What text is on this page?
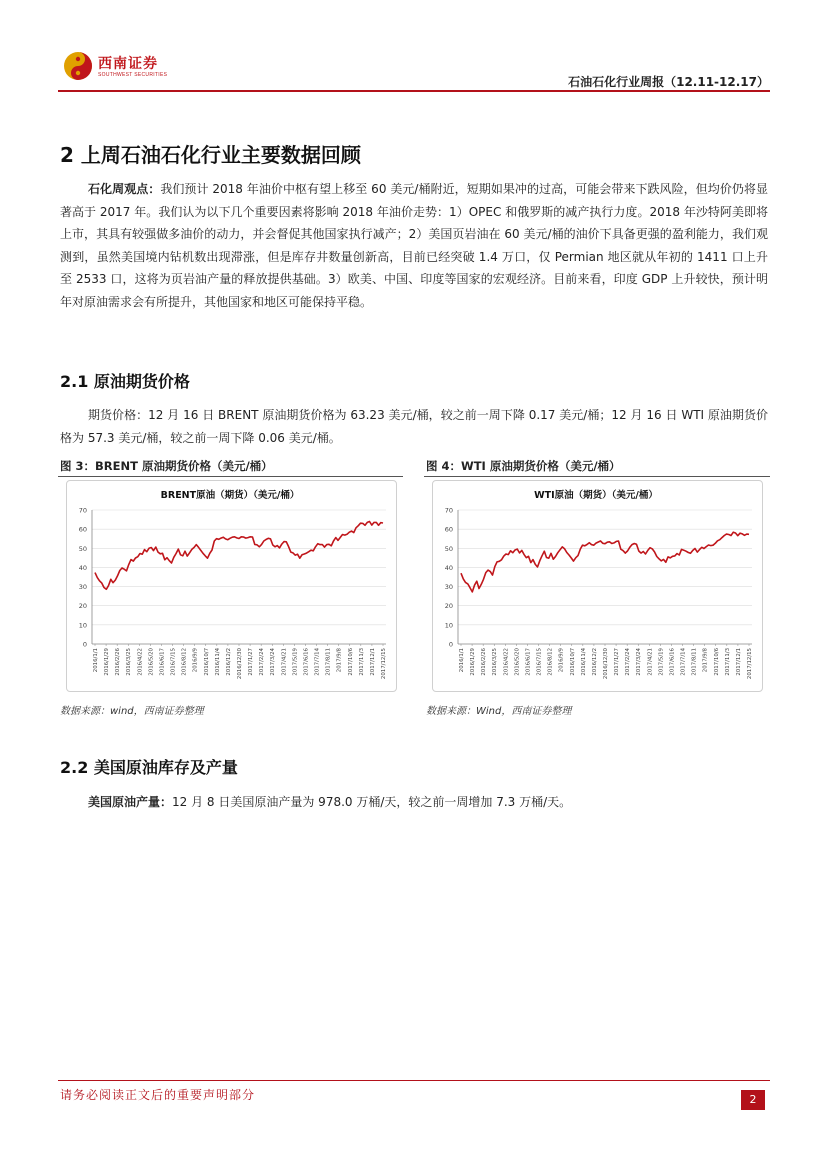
西南证券
SOUTHWEST SECURITIES	石油石化行业周报（12.11-12.17）
2 上周石油石化行业主要数据回顾
石化周观点：我们预计 2018 年油价中枢有望上移至 60 美元/桶附近，短期如果冲的过高，可能会带来下跌风险，但均价仍将显著高于 2017 年。我们认为以下几个重要因素将影响 2018 年油价走势：1）OPEC 和俄罗斯的减产执行力度。2018 年沙特阿美即将上市，其具有较强做多油价的动力，并会督促其他国家执行减产；2）美国页岩油在 60 美元/桶的油价下具备更强的盈利能力，我们观测到，虽然美国境内钻机数出现滞涨，但是库存井数量创新高，目前已经突破 1.4 万口，仅 Permian 地区就从年初的 1411 口上升至 2533 口，这将为页岩油产量的释放提供基础。3）欧美、中国、印度等国家的宏观经济。目前来看，印度 GDP 上升较快，预计明年对原油需求会有所提升，其他国家和地区可能保持平稳。
2.1 原油期货价格
期货价格：12 月 16 日 BRENT 原油期货价格为 63.23 美元/桶，较之前一周下降 0.17 美元/桶；12 月 16 日 WTI 原油期货价格为 57.3 美元/桶，较之前一周下降 0.06 美元/桶。
图 3：BRENT 原油期货价格（美元/桶）
BRENT原油（期货）（美元/桶）
0
10
20
30
40
50
60
70
2016/1/1 2016/1/29 2016/2/26 2016/3/25 2016/4/22 2016/5/20 2016/6/17 2016/7/15 2016/8/12 2016/9/9 2016/10/7 2016/11/4 2016/12/2 2016/12/30 2017/1/27 2017/2/24 2017/3/24 2017/4/21 2017/5/19 2017/6/16 2017/7/14 2017/8/11 2017/9/8 2017/10/6 2017/11/3 2017/12/1 2017/12/15
数据来源：wind，西南证券整理
图 4：WTI 原油期货价格（美元/桶）
WTI原油（期货）（美元/桶）
0
10
20
30
40
50
60
70
2016/1/1 2016/1/29 2016/2/26 2016/3/25 2016/4/22 2016/5/20 2016/6/17 2016/7/15 2016/8/12 2016/9/9 2016/10/7 2016/11/4 2016/12/2 2016/12/30 2017/1/27 2017/2/24 2017/3/24 2017/4/21 2017/5/19 2017/6/16 2017/7/14 2017/8/11 2017/9/8 2017/10/6 2017/11/3 2017/12/1 2017/12/15
数据来源：Wind，西南证券整理
2.2 美国原油库存及产量
美国原油产量：12 月 8 日美国原油产量为 978.0 万桶/天，较之前一周增加 7.3 万桶/天。
请务必阅读正文后的重要声明部分	2
